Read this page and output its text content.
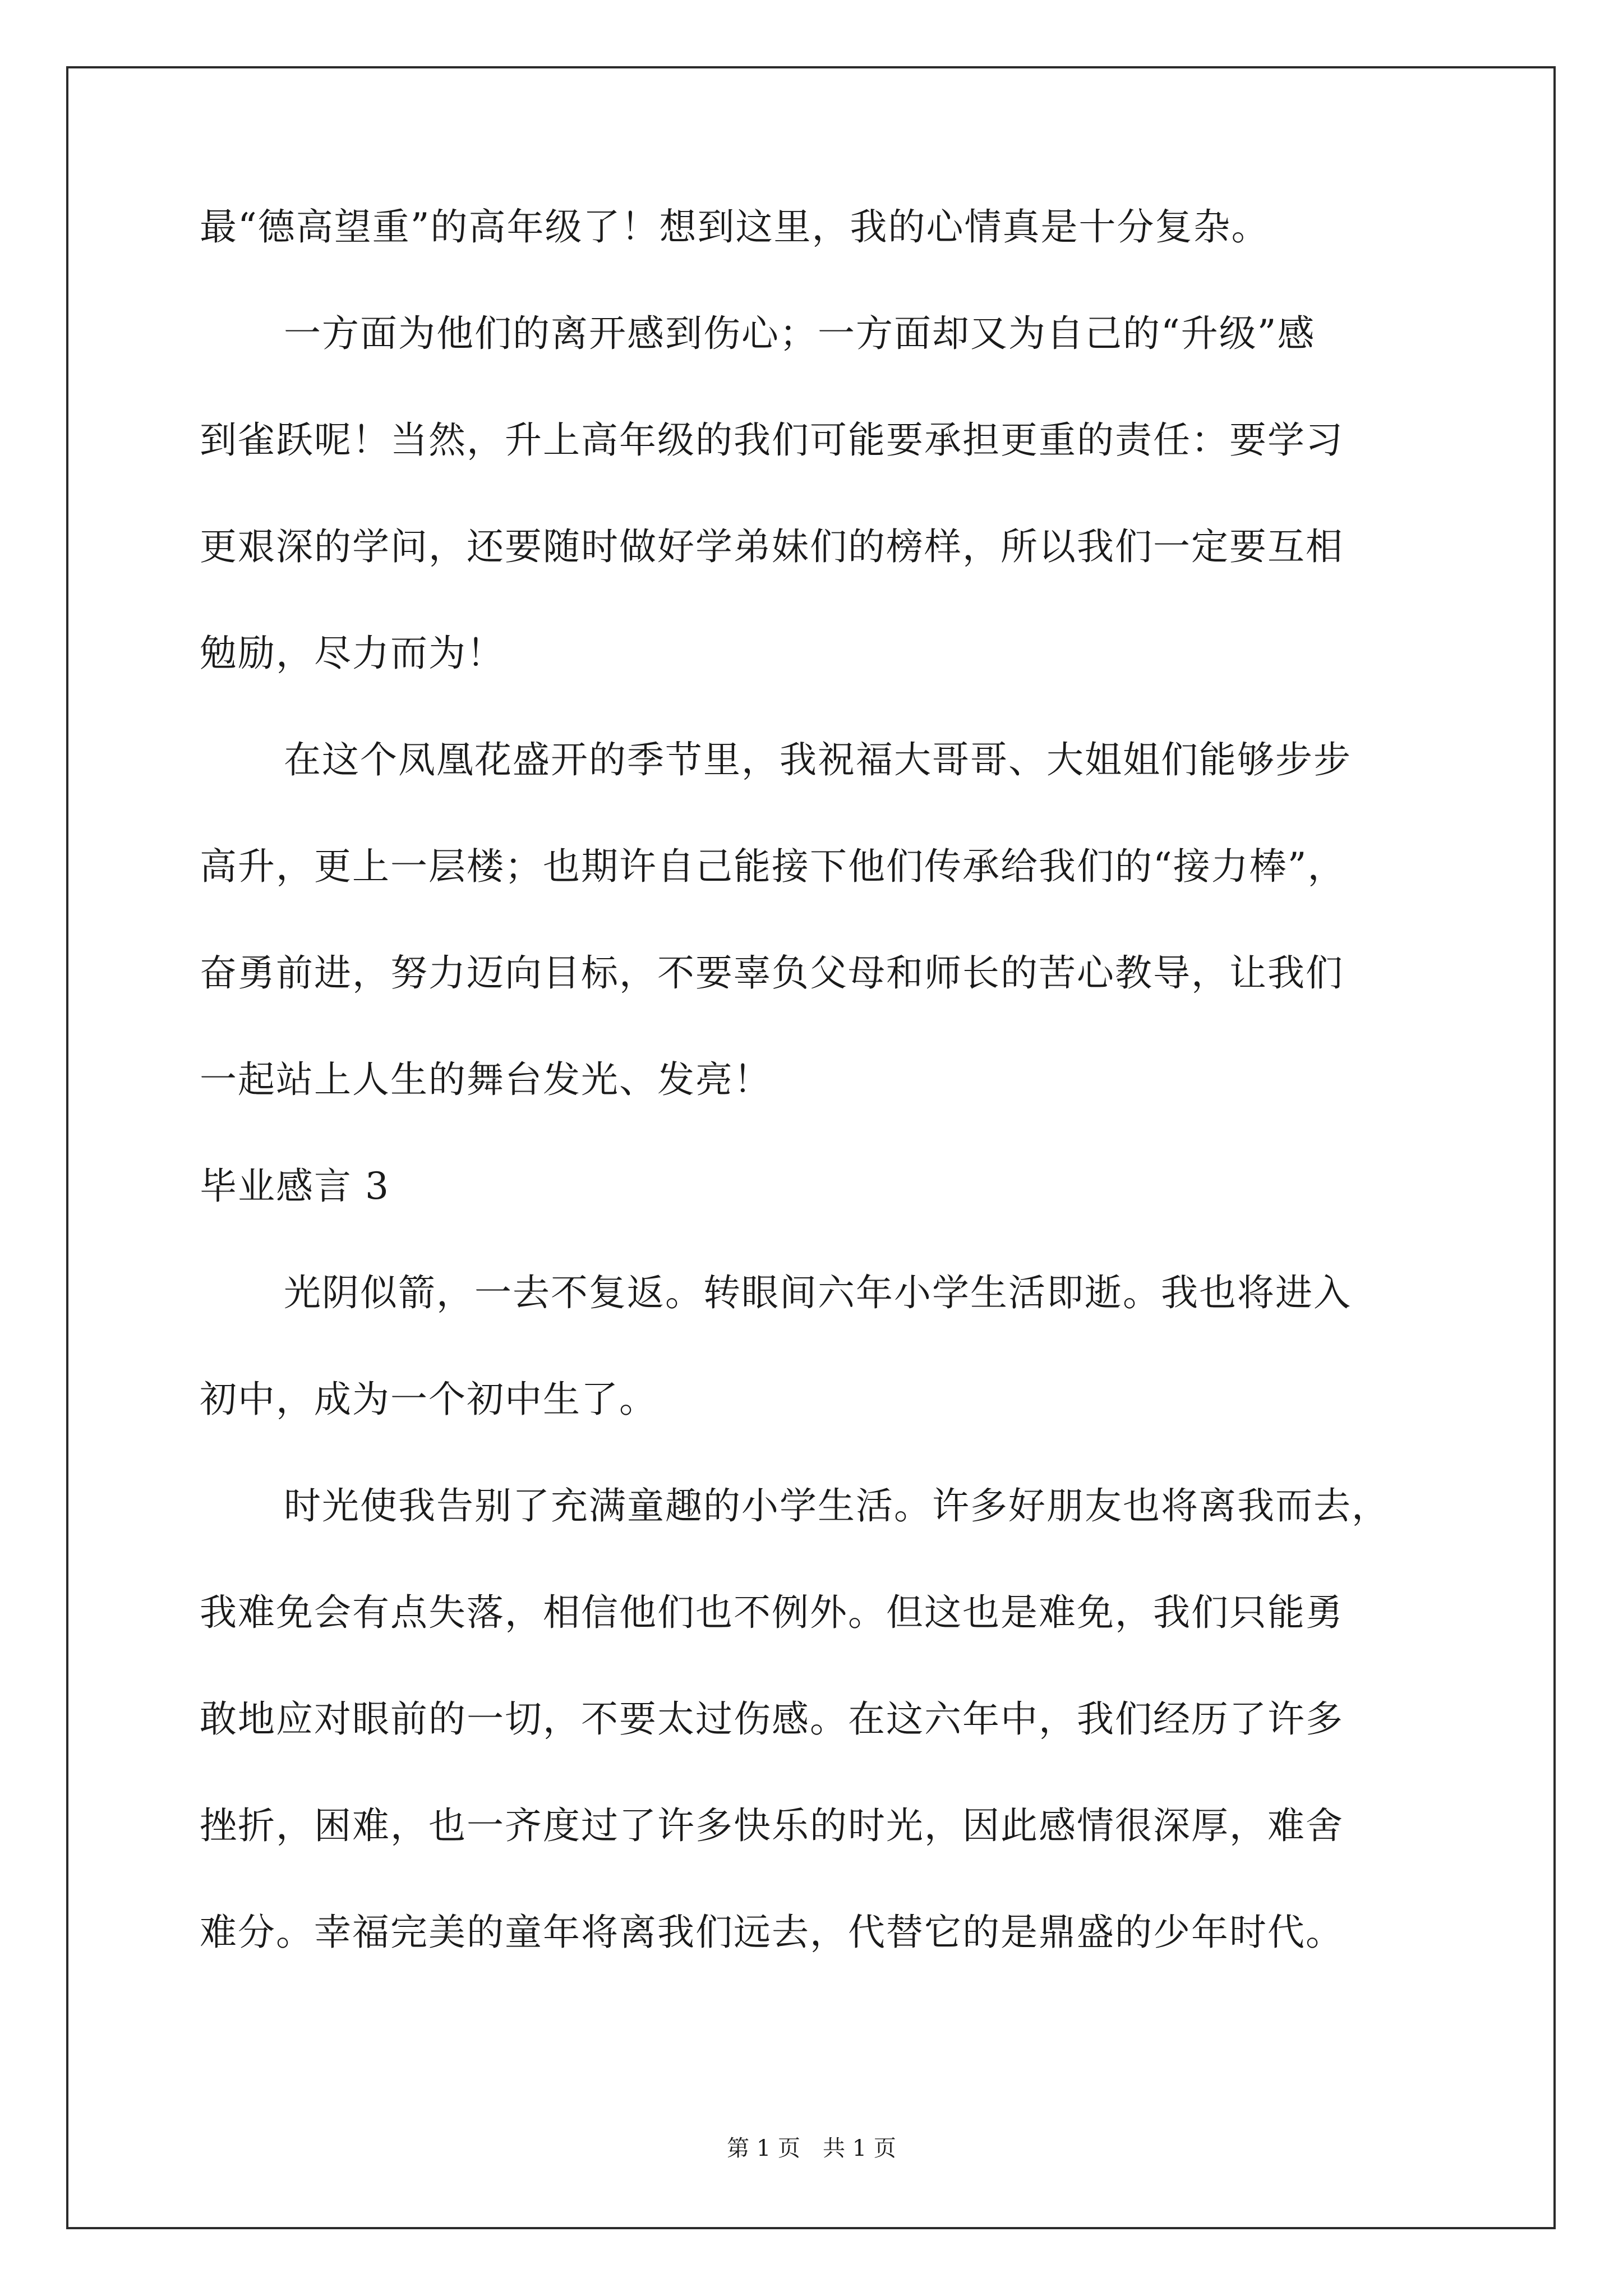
最“德高望重”的高年级了！想到这里，我的心情真是十分复杂。
一方面为他们的离开感到伤心；一方面却又为自己的“升级”感
到雀跃呢！当然，升上高年级的我们可能要承担更重的责任：要学习
更艰深的学问，还要随时做好学弟妹们的榜样，所以我们一定要互相
勉励，尽力而为！
在这个凤凰花盛开的季节里，我祝福大哥哥、大姐姐们能够步步
高升，更上一层楼；也期许自己能接下他们传承给我们的“接力棒”，
奋勇前进，努力迈向目标，不要辜负父母和师长的苦心教导，让我们
一起站上人生的舞台发光、发亮！
毕业感言 3
光阴似箭，一去不复返。转眼间六年小学生活即逝。我也将进入
初中，成为一个初中生了。
时光使我告别了充满童趣的小学生活。许多好朋友也将离我而去，
我难免会有点失落，相信他们也不例外。但这也是难免，我们只能勇
敢地应对眼前的一切，不要太过伤感。在这六年中，我们经历了许多
挫折，困难，也一齐度过了许多快乐的时光，因此感情很深厚，难舍
难分。幸福完美的童年将离我们远去，代替它的是鼎盛的少年时代。
第 1 页 共 1 页
